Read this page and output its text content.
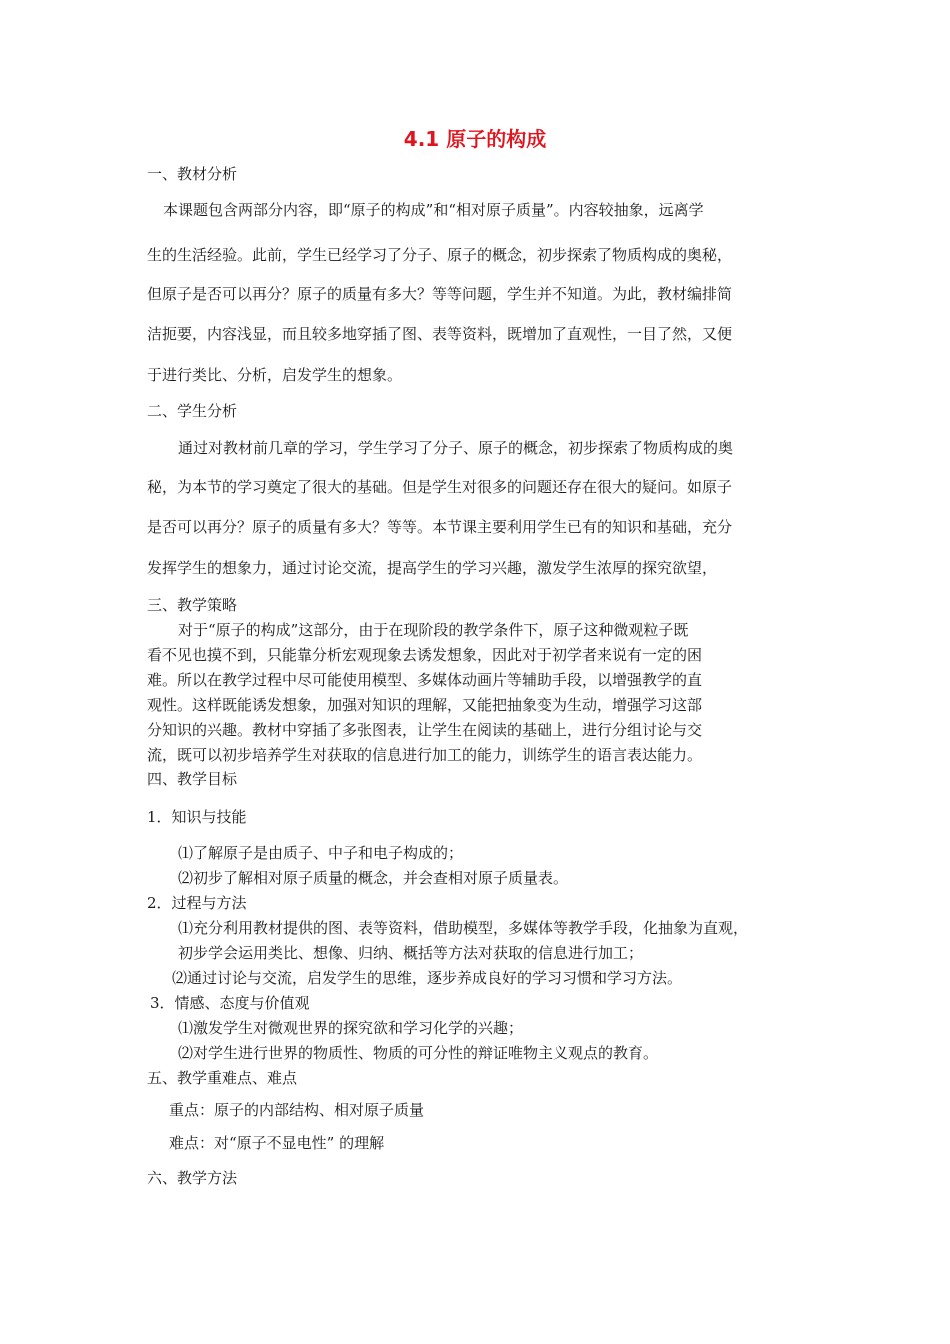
4.1 原子的构成
一、教材分析
本课题包含两部分内容，即“原子的构成”和“相对原子质量”。内容较抽象，远离学
生的生活经验。此前，学生已经学习了分子、原子的概念，初步探索了物质构成的奥秘，
但原子是否可以再分？原子的质量有多大？等等问题，学生并不知道。为此，教材编排简
洁扼要，内容浅显，而且较多地穿插了图、表等资料，既增加了直观性，一目了然，又便
于进行类比、分析，启发学生的想象。
二、学生分析
通过对教材前几章的学习，学生学习了分子、原子的概念，初步探索了物质构成的奥
秘，为本节的学习奠定了很大的基础。但是学生对很多的问题还存在很大的疑问。如原子
是否可以再分？原子的质量有多大？等等。本节课主要利用学生已有的知识和基础，充分
发挥学生的想象力，通过讨论交流，提高学生的学习兴趣，激发学生浓厚的探究欲望，
三、教学策略
对于“原子的构成”这部分，由于在现阶段的教学条件下，原子这种微观粒子既
看不见也摸不到，只能靠分析宏观现象去诱发想象，因此对于初学者来说有一定的困
难。所以在教学过程中尽可能使用模型、多媒体动画片等辅助手段，以增强教学的直
观性。这样既能诱发想象，加强对知识的理解，又能把抽象变为生动，增强学习这部
分知识的兴趣。教材中穿插了多张图表，让学生在阅读的基础上，进行分组讨论与交
流，既可以初步培养学生对获取的信息进行加工的能力，训练学生的语言表达能力。
四、教学目标
1．知识与技能
⑴了解原子是由质子、中子和电子构成的；
⑵初步了解相对原子质量的概念，并会查相对原子质量表。
2．过程与方法
⑴充分利用教材提供的图、表等资料，借助模型，多媒体等教学手段，化抽象为直观，
初步学会运用类比、想像、归纳、概括等方法对获取的信息进行加工；
⑵通过讨论与交流，启发学生的思维，逐步养成良好的学习习惯和学习方法。
3．情感、态度与价值观
⑴激发学生对微观世界的探究欲和学习化学的兴趣；
⑵对学生进行世界的物质性、物质的可分性的辩证唯物主义观点的教育。
五、教学重难点、难点
重点：原子的内部结构、相对原子质量
难点：对“原子不显电性” 的理解
六、教学方法
